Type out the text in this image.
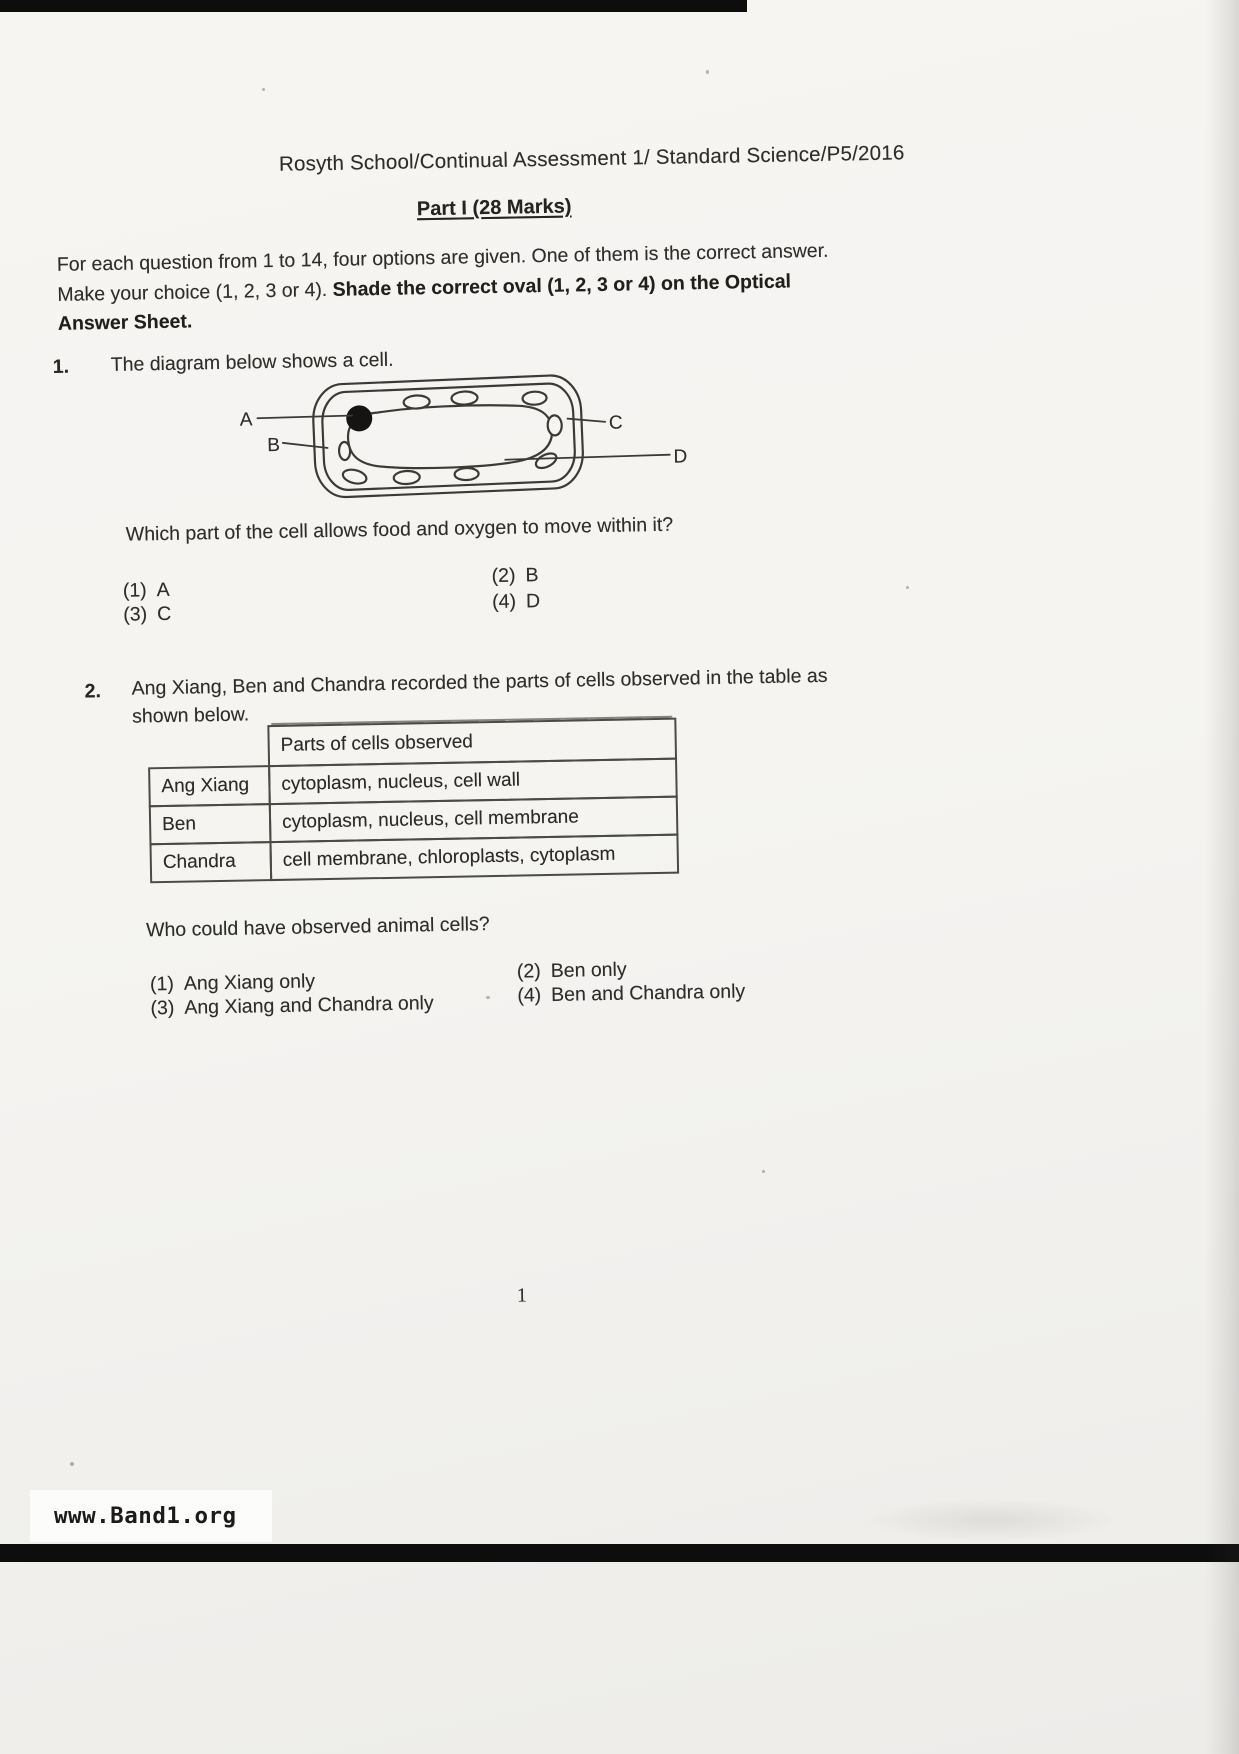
Rosyth School/Continual Assessment 1/ Standard Science/P5/2016
Part I (28 Marks)
For each question from 1 to 14, four options are given. One of them is the correct answer.
Make your choice (1, 2, 3 or 4). Shade the correct oval (1, 2, 3 or 4) on the Optical
Answer Sheet.
1. The diagram below shows a cell.
A
B
C
D
Which part of the cell allows food and oxygen to move within it?
(1) A
(2) B
(3) C
(4) D
2. Ang Xiang, Ben and Chandra recorded the parts of cells observed in the table as
shown below.
Parts of cells observed
Ang Xiang	cytoplasm, nucleus, cell wall
Ben	cytoplasm, nucleus, cell membrane
Chandra	cell membrane, chloroplasts, cytoplasm
Who could have observed animal cells?
(1) Ang Xiang only	(2) Ben only
(3) Ang Xiang and Chandra only	(4) Ben and Chandra only
1
www.Band1.org
